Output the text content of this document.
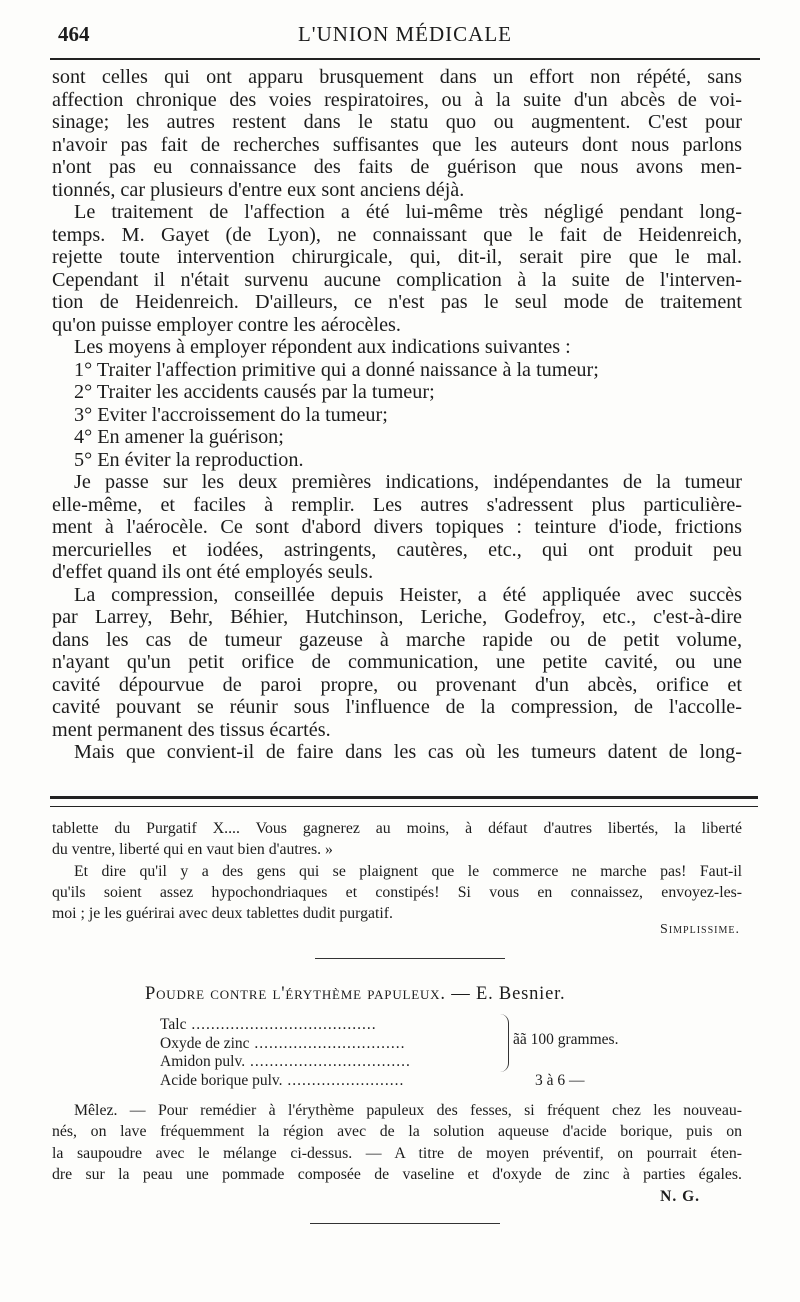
464	L'UNION MÉDICALE
sont celles qui ont apparu brusquement dans un effort non répété, sans
affection chronique des voies respiratoires, ou à la suite d'un abcès de voi-
sinage; les autres restent dans le statu quo ou augmentent. C'est pour
n'avoir pas fait de recherches suffisantes que les auteurs dont nous parlons
n'ont pas eu connaissance des faits de guérison que nous avons men-
tionnés, car plusieurs d'entre eux sont anciens déjà.
Le traitement de l'affection a été lui-même très négligé pendant long-
temps. M. Gayet (de Lyon), ne connaissant que le fait de Heidenreich,
rejette toute intervention chirurgicale, qui, dit-il, serait pire que le mal.
Cependant il n'était survenu aucune complication à la suite de l'interven-
tion de Heidenreich. D'ailleurs, ce n'est pas le seul mode de traitement
qu'on puisse employer contre les aérocèles.
Les moyens à employer répondent aux indications suivantes :
1° Traiter l'affection primitive qui a donné naissance à la tumeur;
2° Traiter les accidents causés par la tumeur;
3° Eviter l'accroissement do la tumeur;
4° En amener la guérison;
5° En éviter la reproduction.
Je passe sur les deux premières indications, indépendantes de la tumeur
elle-même, et faciles à remplir. Les autres s'adressent plus particulière-
ment à l'aérocèle. Ce sont d'abord divers topiques : teinture d'iode, frictions
mercurielles et iodées, astringents, cautères, etc., qui ont produit peu
d'effet quand ils ont été employés seuls.
La compression, conseillée depuis Heister, a été appliquée avec succès
par Larrey, Behr, Béhier, Hutchinson, Leriche, Godefroy, etc., c'est-à-dire
dans les cas de tumeur gazeuse à marche rapide ou de petit volume,
n'ayant qu'un petit orifice de communication, une petite cavité, ou une
cavité dépourvue de paroi propre, ou provenant d'un abcès, orifice et
cavité pouvant se réunir sous l'influence de la compression, de l'accolle-
ment permanent des tissus écartés.
Mais que convient-il de faire dans les cas où les tumeurs datent de long-
tablette du Purgatif X.... Vous gagnerez au moins, à défaut d'autres libertés, la liberté
du ventre, liberté qui en vaut bien d'autres. »
Et dire qu'il y a des gens qui se plaignent que le commerce ne marche pas! Faut-il
qu'ils soient assez hypochondriaques et constipés! Si vous en connaissez, envoyez-les-
moi ; je les guérirai avec deux tablettes dudit purgatif.
Simplissime.
Poudre contre l'érythème papuleux. — E. Besnier.
Talc ......................................
Oxyde de zinc ...............................
Amidon pulv. .................................
Acide borique pulv. ........................
ãã 100 grammes.
3 à 6 —
Mêlez. — Pour remédier à l'érythème papuleux des fesses, si fréquent chez les nouveau-
nés, on lave fréquemment la région avec de la solution aqueuse d'acide borique, puis on
la saupoudre avec le mélange ci-dessus. — A titre de moyen préventif, on pourrait éten-
dre sur la peau une pommade composée de vaseline et d'oxyde de zinc à parties égales.
N. G.
